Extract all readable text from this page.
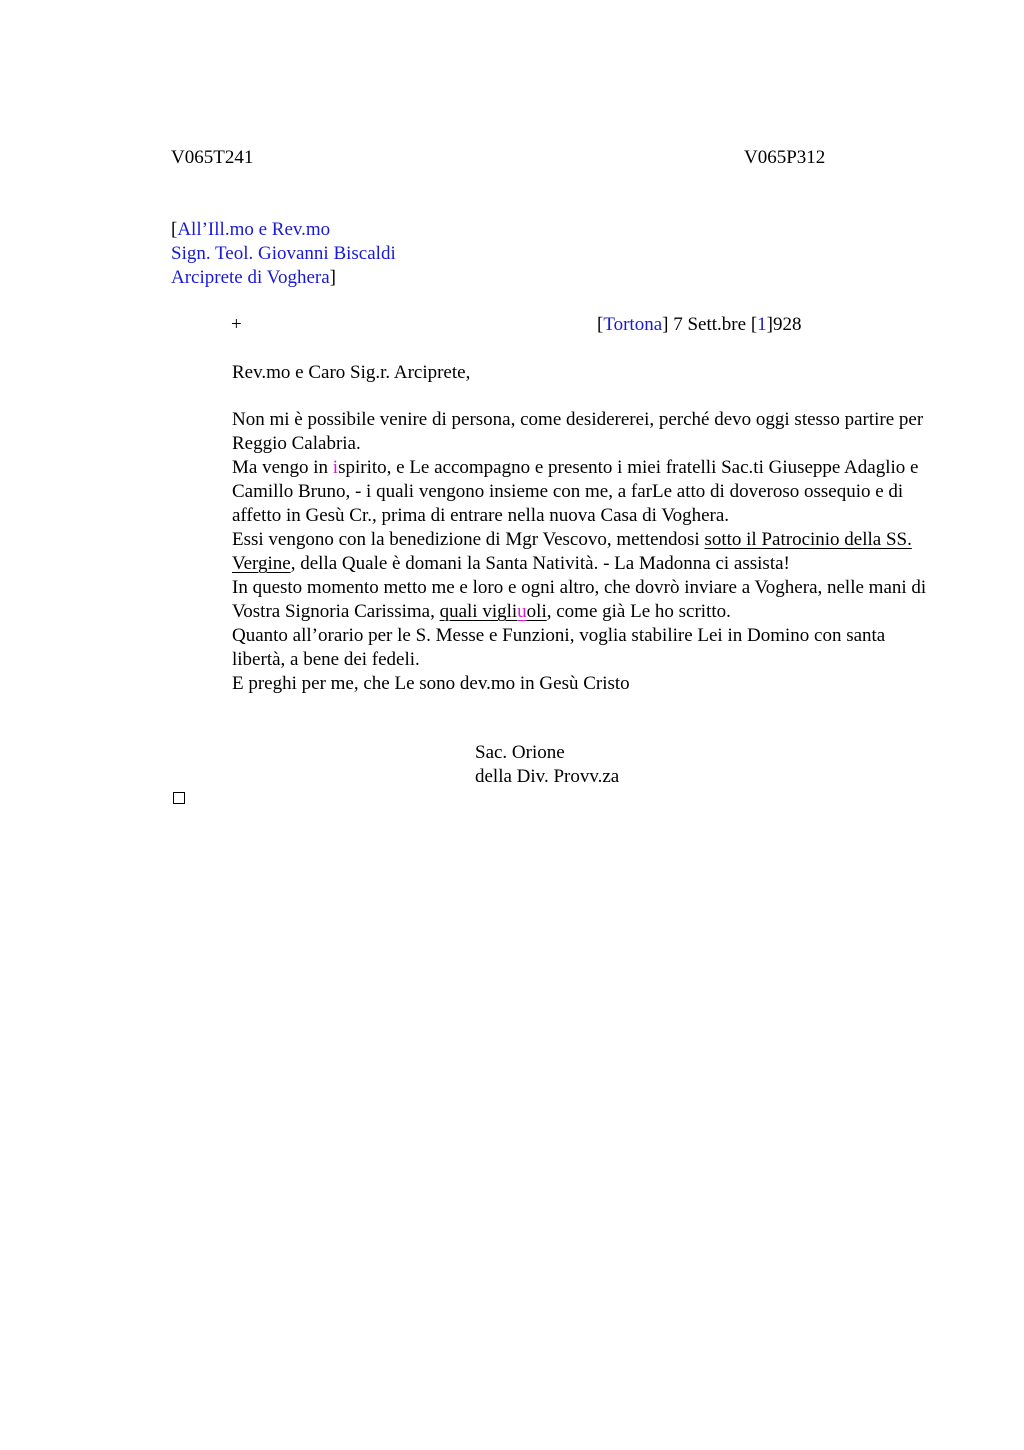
V065T241	V065P312
[All’Ill.mo e Rev.mo
Sign. Teol. Giovanni Biscaldi
Arciprete di Voghera]
+	[Tortona] 7 Sett.bre [1]928
Rev.mo e Caro Sig.r. Arciprete,
Non mi è possibile venire di persona, come desidererei, perché devo oggi stesso partire per Reggio Calabria.
Ma vengo in ispirito, e Le accompagno e presento i miei fratelli Sac.ti Giuseppe Adaglio e Camillo Bruno, - i quali vengono insieme con me, a farLe atto di doveroso ossequio e di affetto in Gesù Cr., prima di entrare nella nuova Casa di Voghera.
Essi vengono con la benedizione di Mgr Vescovo, mettendosi sotto il Patrocinio della SS. Vergine, della Quale è domani la Santa Natività. - La Madonna ci assista!
In questo momento metto me e loro e ogni altro, che dovrò inviare a Voghera, nelle mani di Vostra Signoria Carissima, quali vigliuoli, come già Le ho scritto.
Quanto all’orario per le S. Messe e Funzioni, voglia stabilire Lei in Domino con santa libertà, a bene dei fedeli.
E preghi per me, che Le sono dev.mo in Gesù Cristo
Sac. Orione
della Div. Provv.za
